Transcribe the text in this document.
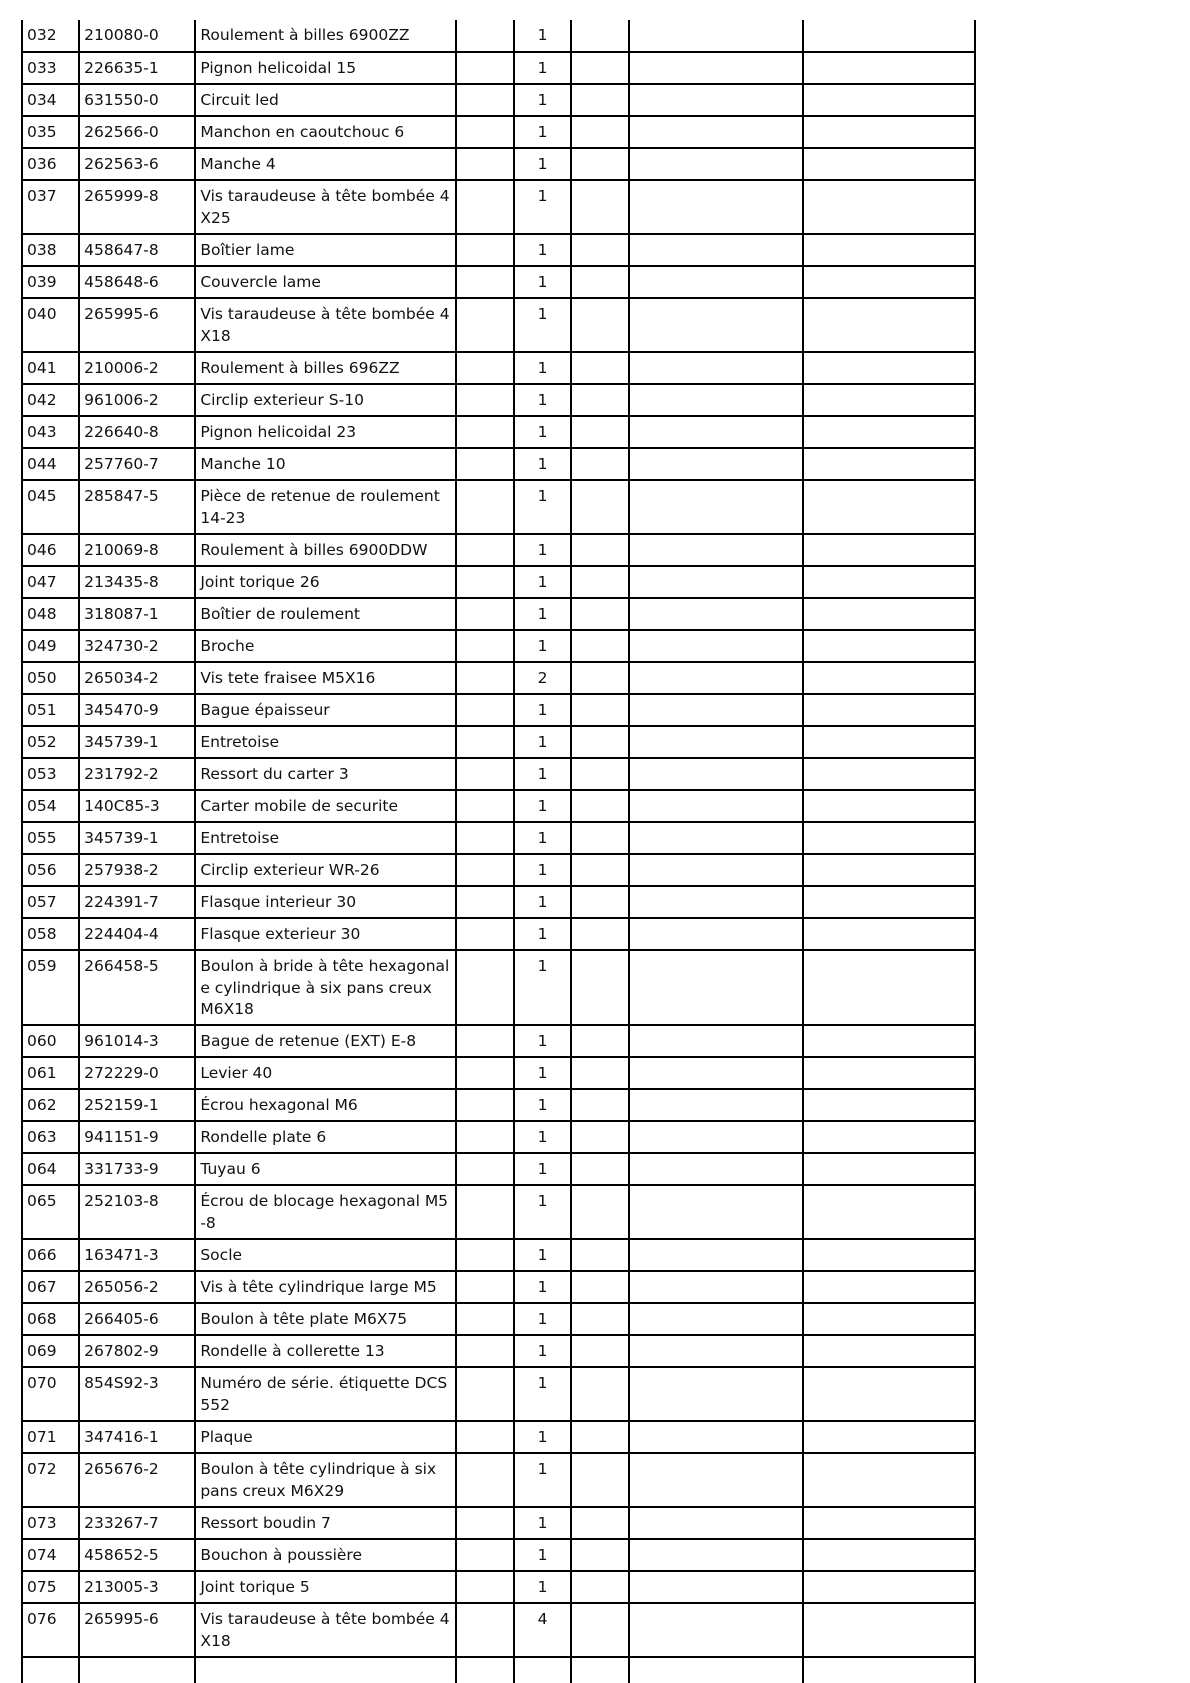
032	210080-0	Roulement à billes 6900ZZ		1			
033	226635-1	Pignon helicoidal 15		1			
034	631550-0	Circuit led		1			
035	262566-0	Manchon en caoutchouc 6		1			
036	262563-6	Manche 4		1			
037	265999-8	Vis taraudeuse à tête bombée 4X25		1			
038	458647-8	Boîtier lame		1			
039	458648-6	Couvercle lame		1			
040	265995-6	Vis taraudeuse à tête bombée 4X18		1			
041	210006-2	Roulement à billes 696ZZ		1			
042	961006-2	Circlip exterieur S-10		1			
043	226640-8	Pignon helicoidal 23		1			
044	257760-7	Manche 10		1			
045	285847-5	Pièce de retenue de roulement 14-23		1			
046	210069-8	Roulement à billes 6900DDW		1			
047	213435-8	Joint torique 26		1			
048	318087-1	Boîtier de roulement		1			
049	324730-2	Broche		1			
050	265034-2	Vis tete fraisee M5X16		2			
051	345470-9	Bague épaisseur		1			
052	345739-1	Entretoise		1			
053	231792-2	Ressort du carter 3		1			
054	140C85-3	Carter mobile de securite		1			
055	345739-1	Entretoise		1			
056	257938-2	Circlip exterieur WR-26		1			
057	224391-7	Flasque interieur 30		1			
058	224404-4	Flasque exterieur 30		1			
059	266458-5	Boulon à bride à tête hexagonale cylindrique à six pans creux M6X18		1			
060	961014-3	Bague de retenue (EXT) E-8		1			
061	272229-0	Levier 40		1			
062	252159-1	Écrou hexagonal M6		1			
063	941151-9	Rondelle plate 6		1			
064	331733-9	Tuyau 6		1			
065	252103-8	Écrou de blocage hexagonal M5-8		1			
066	163471-3	Socle		1			
067	265056-2	Vis à tête cylindrique large M5		1			
068	266405-6	Boulon à tête plate M6X75		1			
069	267802-9	Rondelle à collerette 13		1			
070	854S92-3	Numéro de série. étiquette DCS552		1			
071	347416-1	Plaque		1			
072	265676-2	Boulon à tête cylindrique à six pans creux M6X29		1			
073	233267-7	Ressort boudin 7		1			
074	458652-5	Bouchon à poussière		1			
075	213005-3	Joint torique 5		1			
076	265995-6	Vis taraudeuse à tête bombée 4X18		4			
